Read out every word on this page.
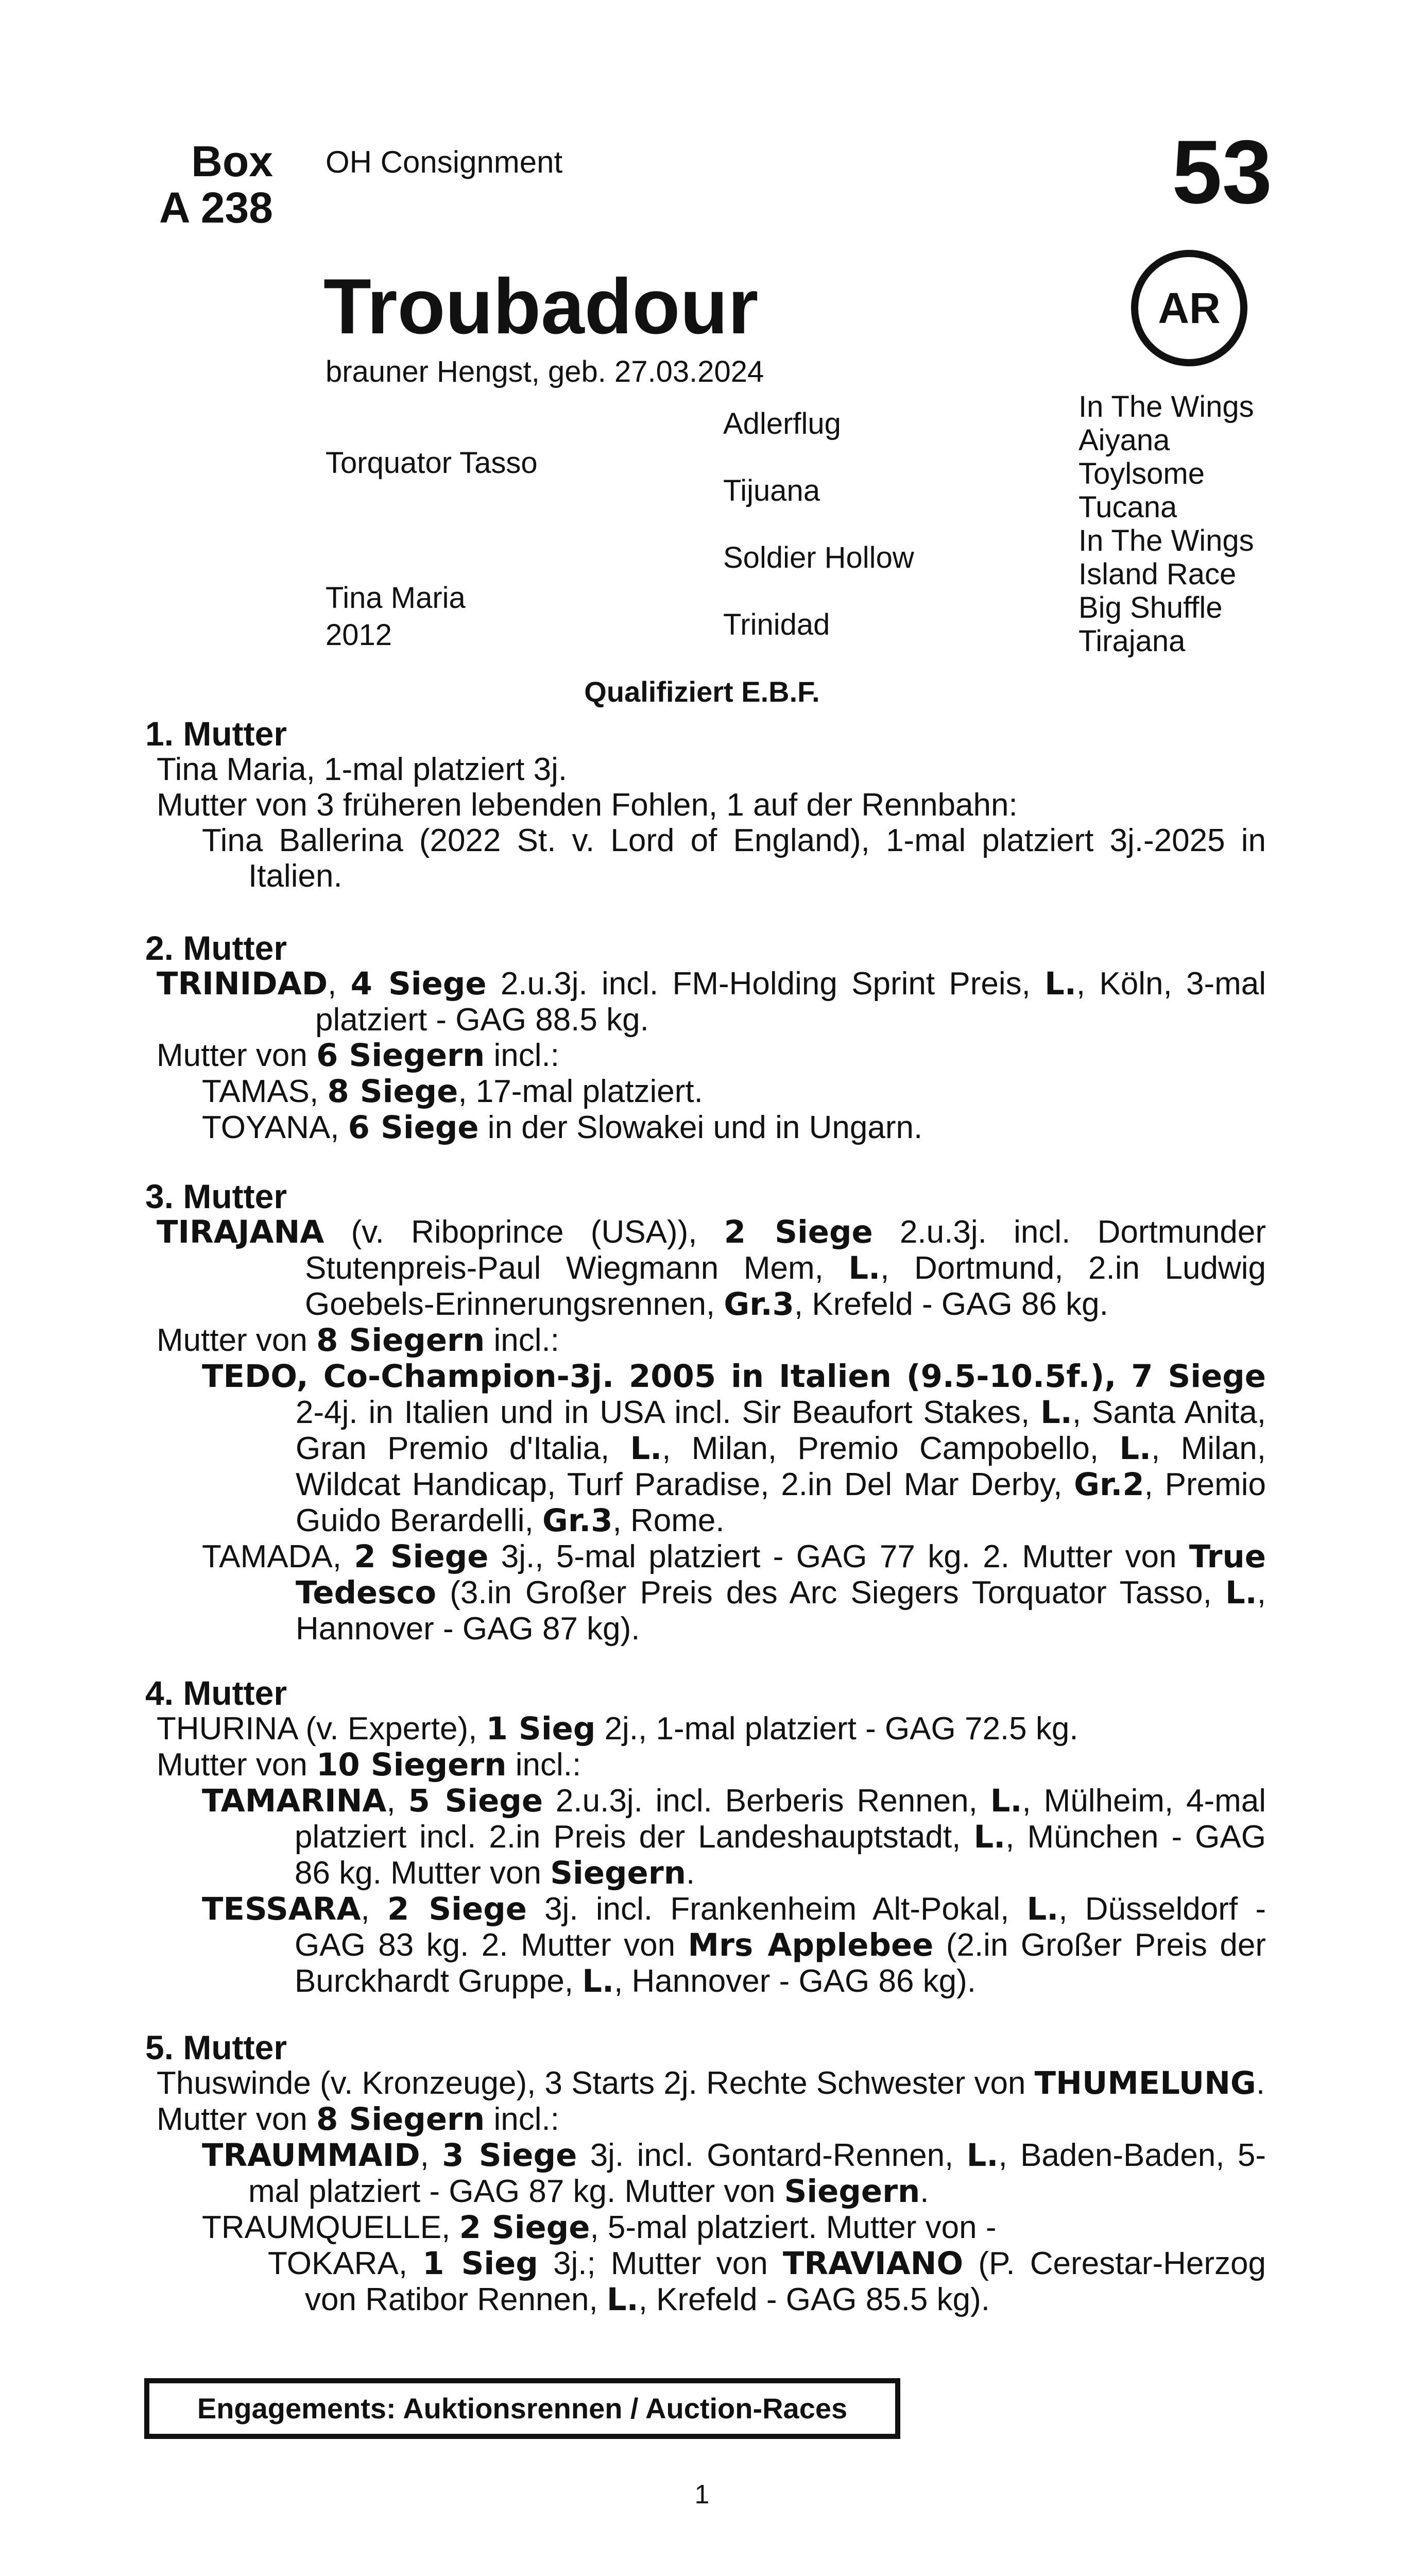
Box
A 238
OH Consignment	53
AR
Troubadour
brauner Hengst, geb. 27.03.2024
Torquator Tasso
Tina Maria
2012
Adlerflug
Tijuana
Soldier Hollow
Trinidad
In The Wings
Aiyana
Toylsome
Tucana
In The Wings
Island Race
Big Shuffle
Tirajana
Qualifiziert E.B.F.
1. Mutter
Tina Maria, 1-mal platziert 3j.
Mutter von 3 früheren lebenden Fohlen, 1 auf der Rennbahn:
Tina Ballerina (2022 St. v. Lord of England), 1-mal platziert 3j.-2025 in Italien.
2. Mutter
TRINIDAD, 4 Siege 2.u.3j. incl. FM-Holding Sprint Preis, L., Köln, 3-mal platziert - GAG 88.5 kg.
Mutter von 6 Siegern incl.:
TAMAS, 8 Siege, 17-mal platziert.
TOYANA, 6 Siege in der Slowakei und in Ungarn.
3. Mutter
TIRAJANA (v. Riboprince (USA)), 2 Siege 2.u.3j. incl. Dortmunder Stutenpreis-Paul Wiegmann Mem, L., Dortmund, 2.in Ludwig Goebels-Erinnerungsrennen, Gr.3, Krefeld - GAG 86 kg.
Mutter von 8 Siegern incl.:
TEDO, Co-Champion-3j. 2005 in Italien (9.5-10.5f.), 7 Siege 2-4j. in Italien und in USA incl. Sir Beaufort Stakes, L., Santa Anita, Gran Premio d'Italia, L., Milan, Premio Campobello, L., Milan, Wildcat Handicap, Turf Paradise, 2.in Del Mar Derby, Gr.2, Premio Guido Berardelli, Gr.3, Rome.
TAMADA, 2 Siege 3j., 5-mal platziert - GAG 77 kg. 2. Mutter von True Tedesco (3.in Großer Preis des Arc Siegers Torquator Tasso, L., Hannover - GAG 87 kg).
4. Mutter
THURINA (v. Experte), 1 Sieg 2j., 1-mal platziert - GAG 72.5 kg.
Mutter von 10 Siegern incl.:
TAMARINA, 5 Siege 2.u.3j. incl. Berberis Rennen, L., Mülheim, 4-mal platziert incl. 2.in Preis der Landeshauptstadt, L., München - GAG 86 kg. Mutter von Siegern.
TESSARA, 2 Siege 3j. incl. Frankenheim Alt-Pokal, L., Düsseldorf - GAG 83 kg. 2. Mutter von Mrs Applebee (2.in Großer Preis der Burckhardt Gruppe, L., Hannover - GAG 86 kg).
5. Mutter
Thuswinde (v. Kronzeuge), 3 Starts 2j. Rechte Schwester von THUMELUNG.
Mutter von 8 Siegern incl.:
TRAUMMAID, 3 Siege 3j. incl. Gontard-Rennen, L., Baden-Baden, 5-mal platziert - GAG 87 kg. Mutter von Siegern.
TRAUMQUELLE, 2 Siege, 5-mal platziert. Mutter von -
TOKARA, 1 Sieg 3j.; Mutter von TRAVIANO (P. Cerestar-Herzog von Ratibor Rennen, L., Krefeld - GAG 85.5 kg).
Engagements: Auktionsrennen / Auction-Races
1
